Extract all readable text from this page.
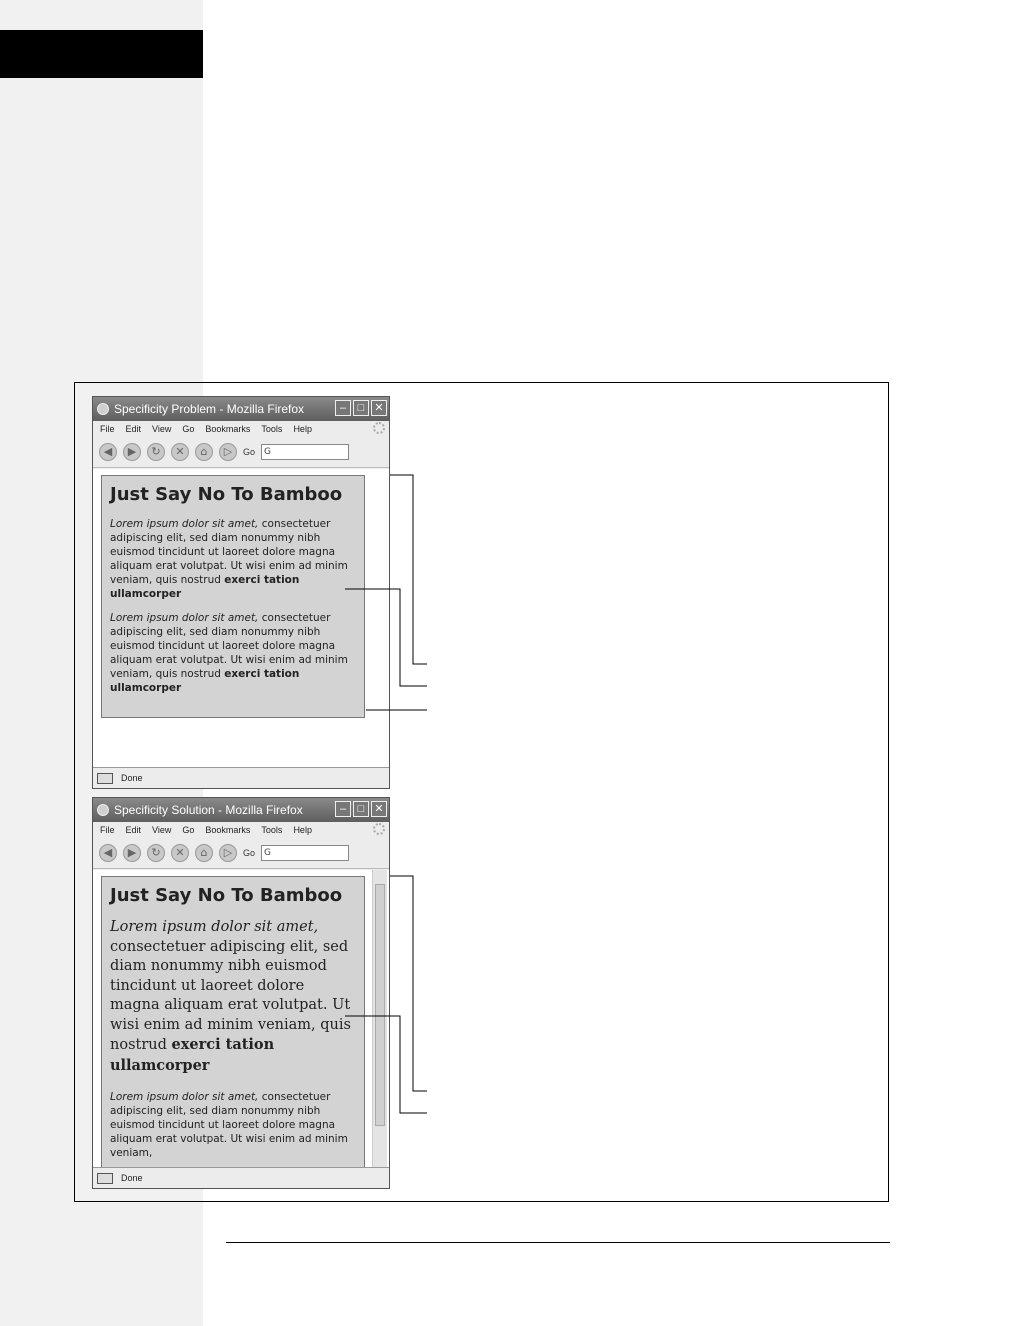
Specificity Problem - Mozilla Firefox	–	□ ✕
File Edit View Go Bookmarks Tools Help
◀	▶	↻	✕	⌂	▷	Go	G
Just Say No To Bamboo

Lorem ipsum dolor sit amet, consectetuer adipiscing elit, sed diam nonummy nibh euismod tincidunt ut laoreet dolore magna aliquam erat volutpat. Ut wisi enim ad minim veniam, quis nostrud exerci tation ullamcorper

Lorem ipsum dolor sit amet, consectetuer adipiscing elit, sed diam nonummy nibh euismod tincidunt ut laoreet dolore magna aliquam erat volutpat. Ut wisi enim ad minim veniam, quis nostrud exerci tation ullamcorper

Done
Specificity Solution - Mozilla Firefox	–	□ ✕
File Edit View Go Bookmarks Tools Help
◀	▶	↻	✕	⌂	▷	Go	G
Just Say No To Bamboo

Lorem ipsum dolor sit amet, consectetuer adipiscing elit, sed diam nonummy nibh euismod tincidunt ut laoreet dolore magna aliquam erat volutpat. Ut wisi enim ad minim veniam, quis nostrud exerci tation ullamcorper

Lorem ipsum dolor sit amet, consectetuer adipiscing elit, sed diam nonummy nibh euismod tincidunt ut laoreet dolore magna aliquam erat volutpat. Ut wisi enim ad minim veniam,

Done
